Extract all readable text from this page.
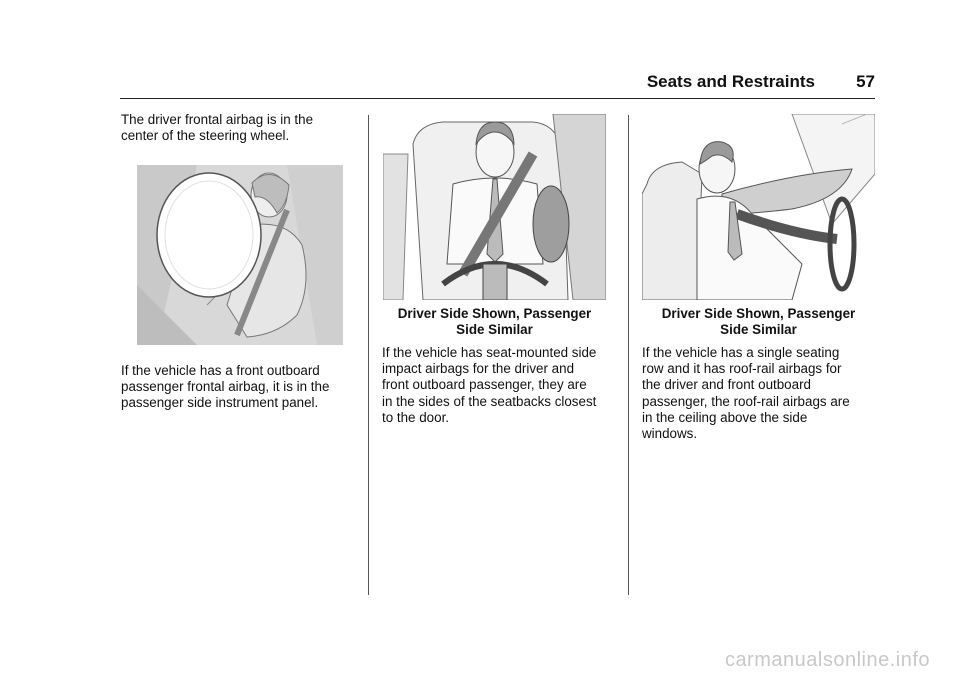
Seats and Restraints 57

The driver frontal airbag is in the
center of the steering wheel.

If the vehicle has a front outboard
passenger frontal airbag, it is in the
passenger side instrument panel.

Driver Side Shown, Passenger
Side Similar

If the vehicle has seat-mounted side
impact airbags for the driver and
front outboard passenger, they are
in the sides of the seatbacks closest
to the door.

Driver Side Shown, Passenger
Side Similar

If the vehicle has a single seating
row and it has roof-rail airbags for
the driver and front outboard
passenger, the roof-rail airbags are
in the ceiling above the side
windows.

carmanualsonline.info
